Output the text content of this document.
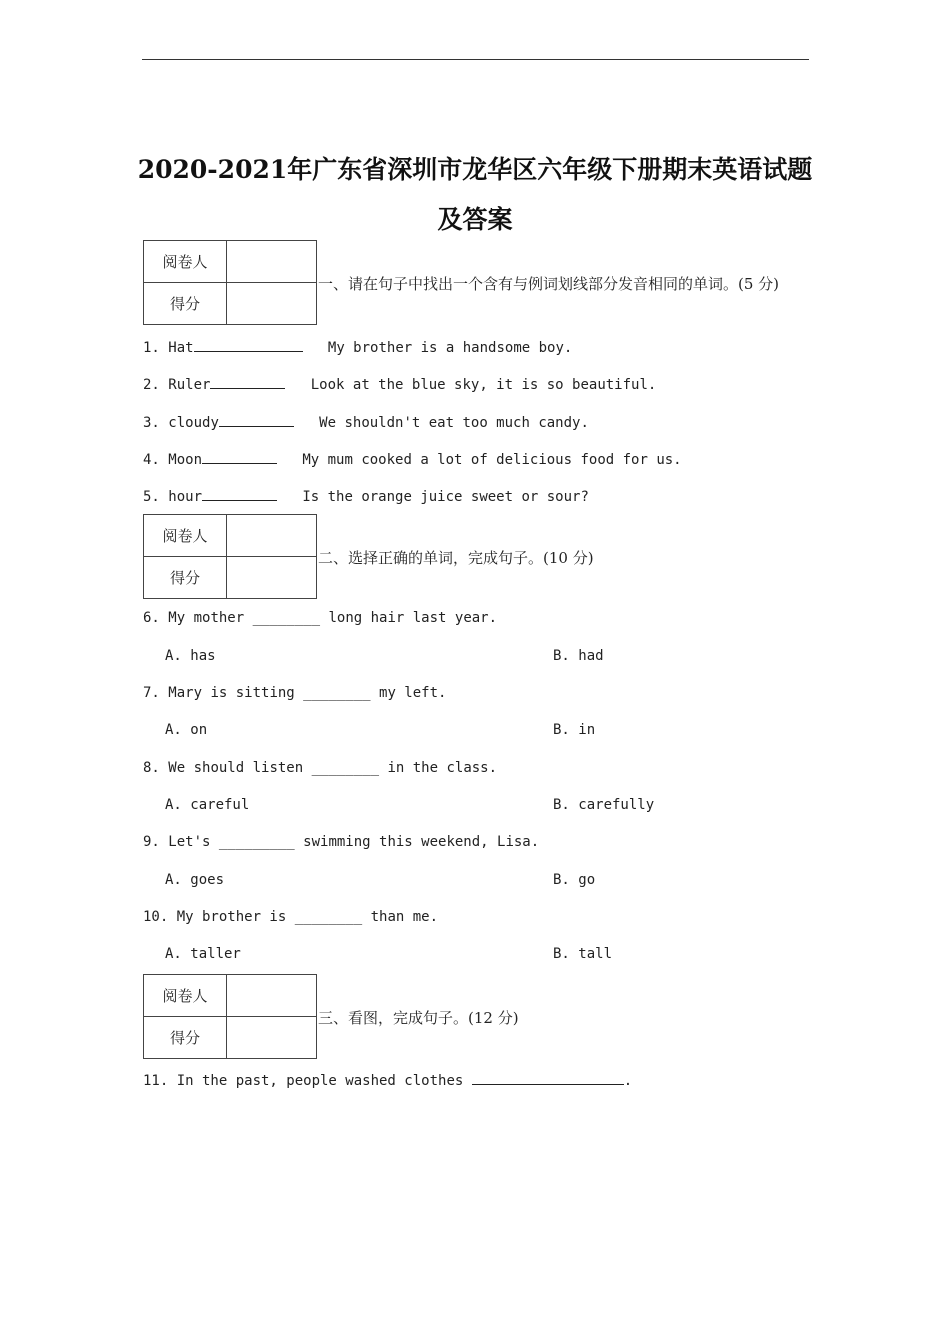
2020-2021年广东省深圳市龙华区六年级下册期末英语试题
及答案
阅卷人	
得分	
一、请在句子中找出一个含有与例词划线部分发音相同的单词。(5 分)
1. Hat	My brother is a handsome boy.
2. Ruler	Look at the blue sky, it is so beautiful.
3. cloudy	We shouldn't eat too much candy.
4. Moon	My mum cooked a lot of delicious food for us.
5. hour	Is the orange juice sweet or sour?
阅卷人	
得分	
二、选择正确的单词，完成句子。(10 分)
6. My mother ________ long hair last year.
A. has	B. had
7. Mary is sitting ________ my left.
A. on	B. in
8. We should listen ________ in the class.
A. careful	B. carefully
9. Let's _________ swimming this weekend, Lisa.
A. goes	B. go
10. My brother is ________ than me.
A. taller	B. tall
阅卷人	
得分	
三、看图，完成句子。(12 分)
11. In the past, people washed clothes	.
